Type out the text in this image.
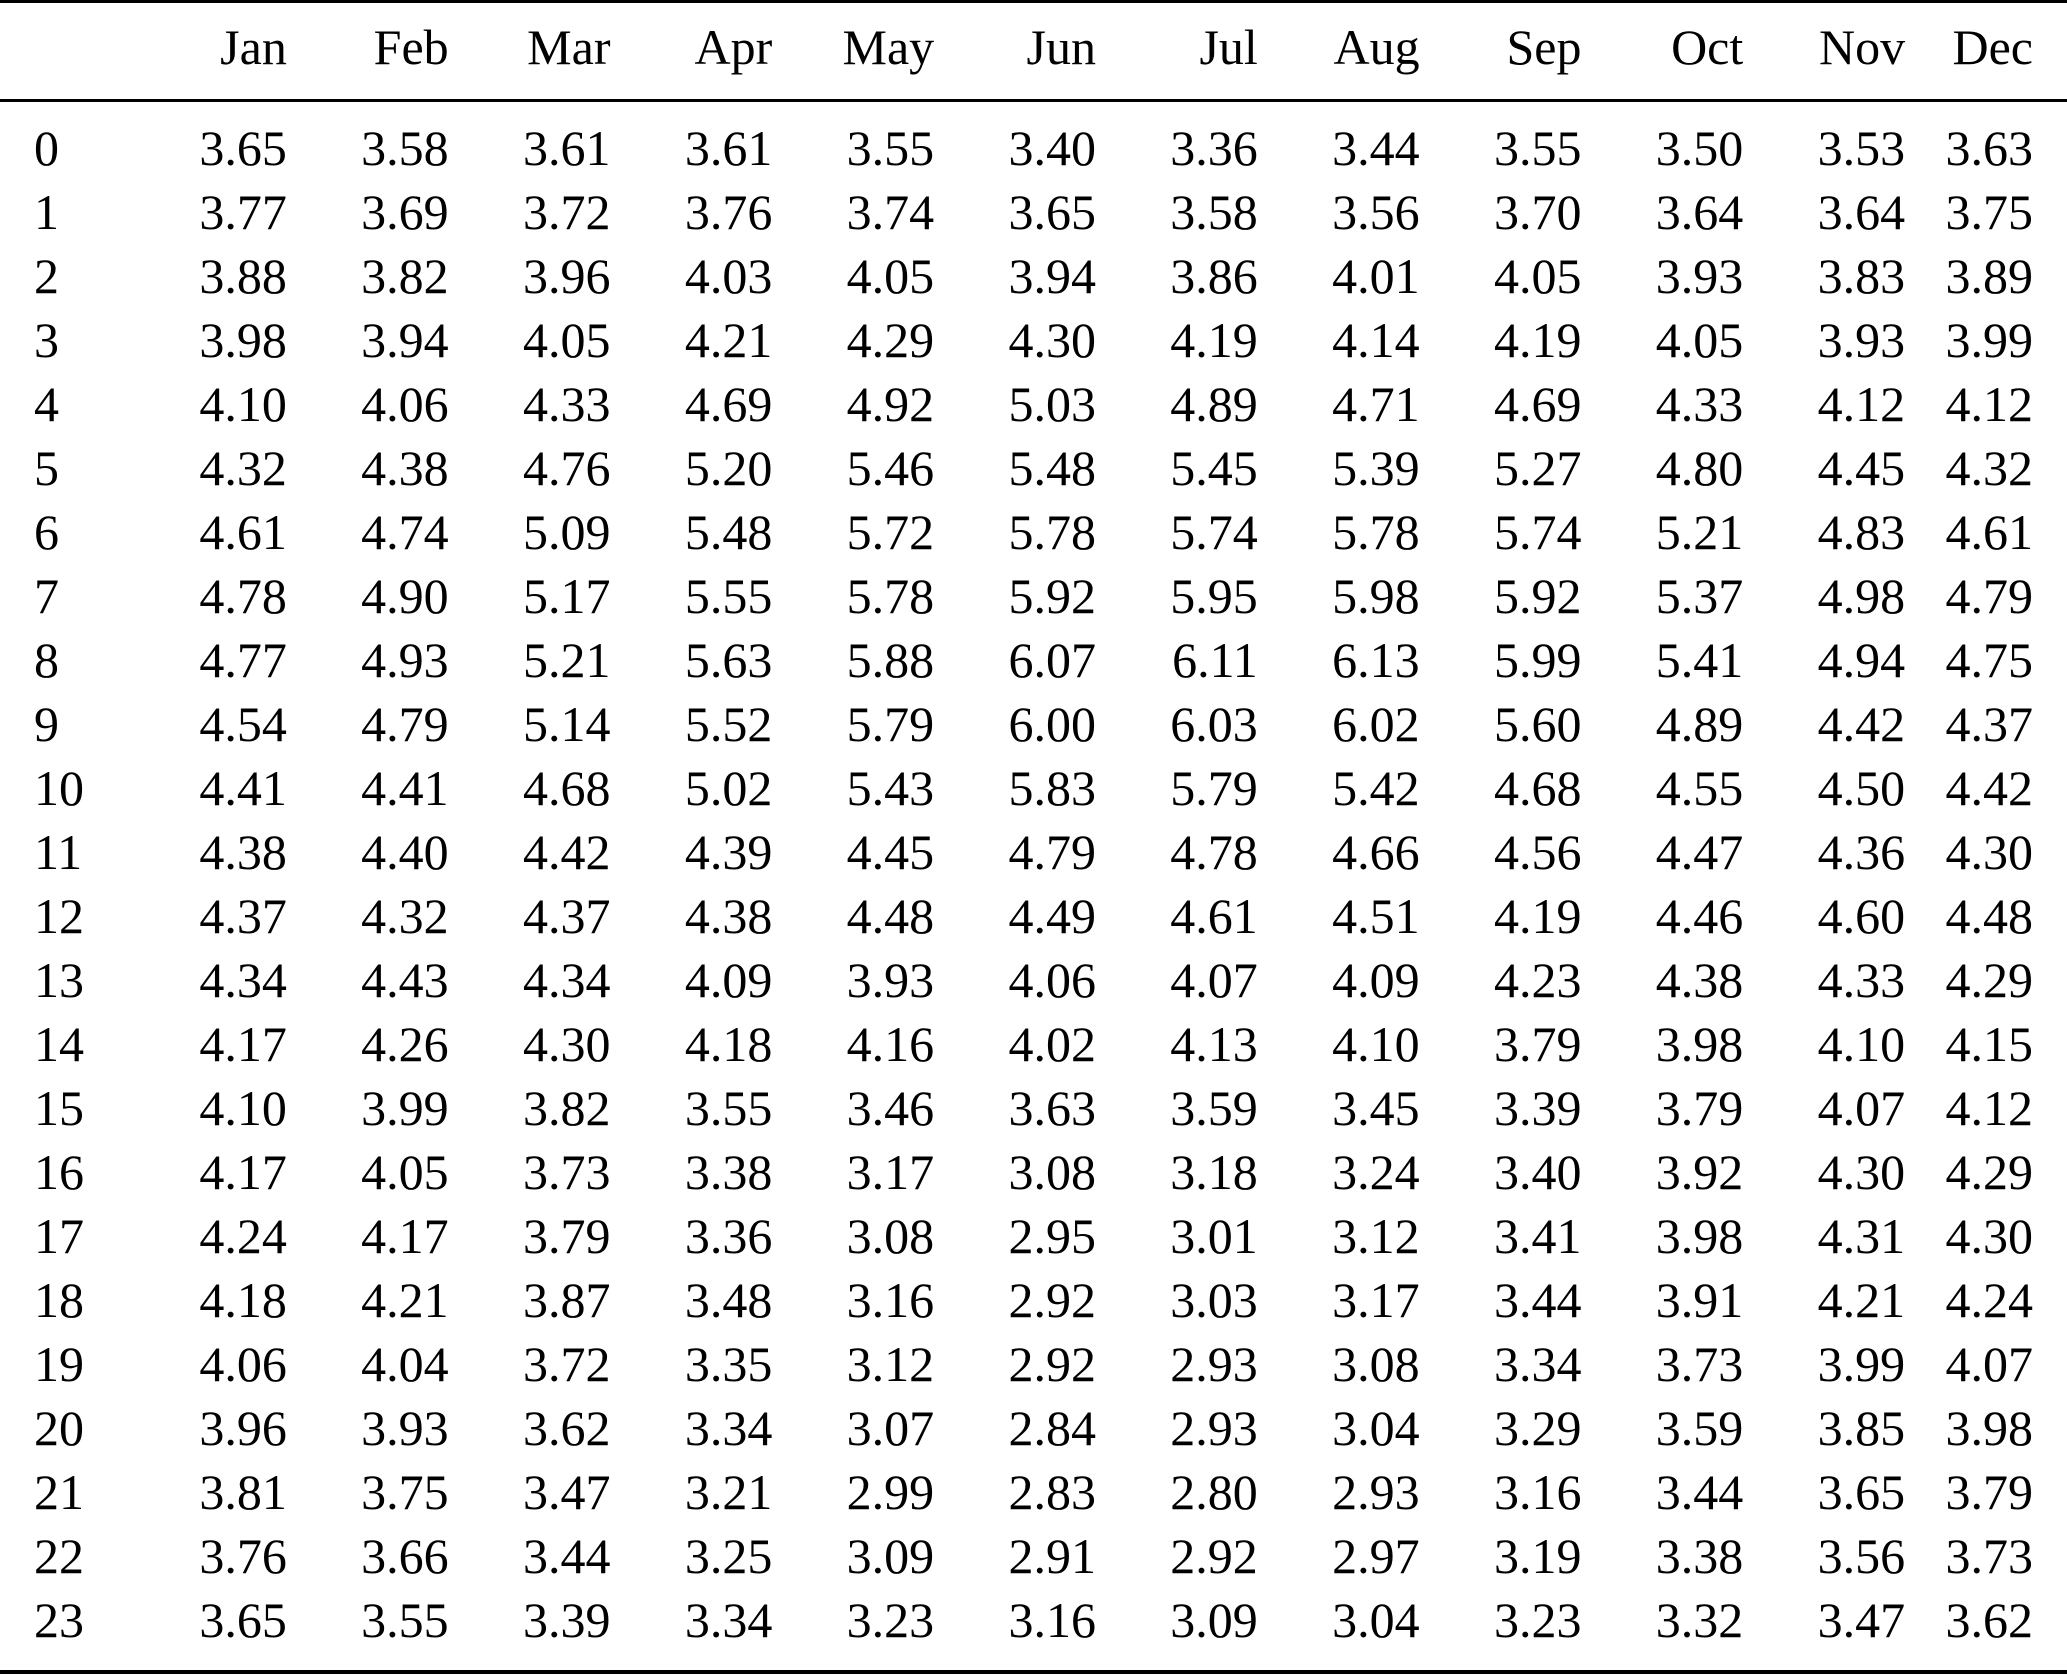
	Jan	Feb	Mar	Apr	May	Jun	Jul	Aug	Sep	Oct	Nov	Dec

0	3.65	3.58	3.61	3.61	3.55	3.40	3.36	3.44	3.55	3.50	3.53	3.63
1	3.77	3.69	3.72	3.76	3.74	3.65	3.58	3.56	3.70	3.64	3.64	3.75
2	3.88	3.82	3.96	4.03	4.05	3.94	3.86	4.01	4.05	3.93	3.83	3.89
3	3.98	3.94	4.05	4.21	4.29	4.30	4.19	4.14	4.19	4.05	3.93	3.99
4	4.10	4.06	4.33	4.69	4.92	5.03	4.89	4.71	4.69	4.33	4.12	4.12
5	4.32	4.38	4.76	5.20	5.46	5.48	5.45	5.39	5.27	4.80	4.45	4.32
6	4.61	4.74	5.09	5.48	5.72	5.78	5.74	5.78	5.74	5.21	4.83	4.61
7	4.78	4.90	5.17	5.55	5.78	5.92	5.95	5.98	5.92	5.37	4.98	4.79
8	4.77	4.93	5.21	5.63	5.88	6.07	6.11	6.13	5.99	5.41	4.94	4.75
9	4.54	4.79	5.14	5.52	5.79	6.00	6.03	6.02	5.60	4.89	4.42	4.37
10	4.41	4.41	4.68	5.02	5.43	5.83	5.79	5.42	4.68	4.55	4.50	4.42
11	4.38	4.40	4.42	4.39	4.45	4.79	4.78	4.66	4.56	4.47	4.36	4.30
12	4.37	4.32	4.37	4.38	4.48	4.49	4.61	4.51	4.19	4.46	4.60	4.48
13	4.34	4.43	4.34	4.09	3.93	4.06	4.07	4.09	4.23	4.38	4.33	4.29
14	4.17	4.26	4.30	4.18	4.16	4.02	4.13	4.10	3.79	3.98	4.10	4.15
15	4.10	3.99	3.82	3.55	3.46	3.63	3.59	3.45	3.39	3.79	4.07	4.12
16	4.17	4.05	3.73	3.38	3.17	3.08	3.18	3.24	3.40	3.92	4.30	4.29
17	4.24	4.17	3.79	3.36	3.08	2.95	3.01	3.12	3.41	3.98	4.31	4.30
18	4.18	4.21	3.87	3.48	3.16	2.92	3.03	3.17	3.44	3.91	4.21	4.24
19	4.06	4.04	3.72	3.35	3.12	2.92	2.93	3.08	3.34	3.73	3.99	4.07
20	3.96	3.93	3.62	3.34	3.07	2.84	2.93	3.04	3.29	3.59	3.85	3.98
21	3.81	3.75	3.47	3.21	2.99	2.83	2.80	2.93	3.16	3.44	3.65	3.79
22	3.76	3.66	3.44	3.25	3.09	2.91	2.92	2.97	3.19	3.38	3.56	3.73
23	3.65	3.55	3.39	3.34	3.23	3.16	3.09	3.04	3.23	3.32	3.47	3.62
